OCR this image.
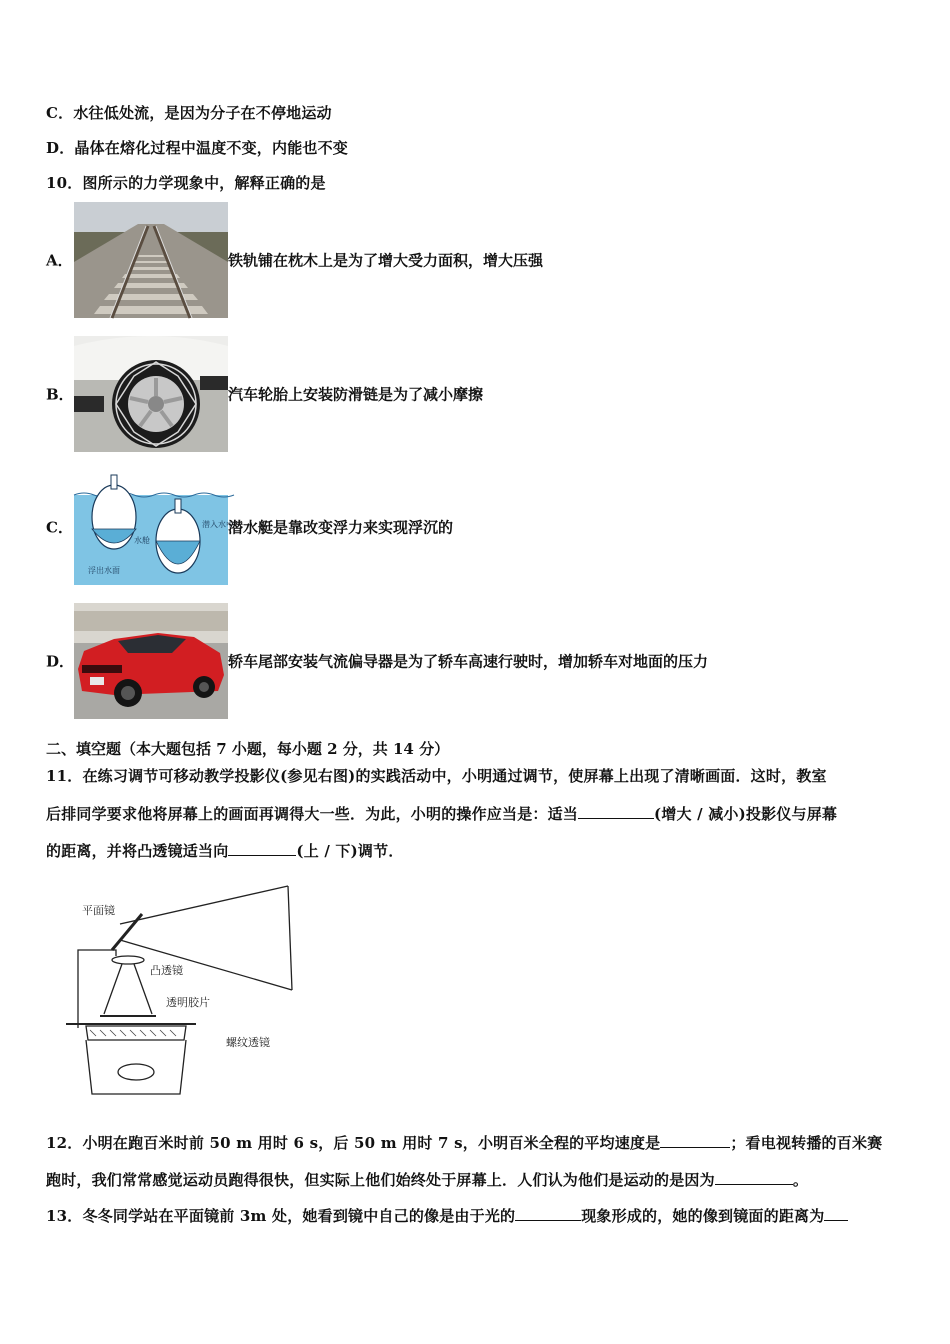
C．水往低处流，是因为分子在不停地运动
D．晶体在熔化过程中温度不变，内能也不变
10．图所示的力学现象中，解释正确的是
A．	铁轨铺在枕木上是为了增大受力面积，增大压强
B．	汽车轮胎上安装防滑链是为了减小摩擦
C．	潜入水中
水舱
浮出水面
潜水艇是靠改变浮力来实现浮沉的
D．	轿车尾部安装气流偏导器是为了轿车高速行驶时，增加轿车对地面的压力
二、填空题（本大题包括 7 小题，每小题 2 分，共 14 分）
11．在练习调节可移动教学投影仪(参见右图)的实践活动中，小明通过调节，使屏幕上出现了清晰画面．这时，教室
后排同学要求他将屏幕上的画面再调得大一些．为此，小明的操作应当是：适当	(增大 / 减小)投影仪与屏幕
的距离，并将凸透镜适当向	(上 / 下)调节．
平面镜
凸透镜
透明胶片
螺纹透镜
12．小明在跑百米时前 50 m 用时 6 s，后 50 m 用时 7 s，小明百米全程的平均速度是	；看电视转播的百米赛
跑时，我们常常感觉运动员跑得很快，但实际上他们始终处于屏幕上．人们认为他们是运动的是因为	。
13．冬冬同学站在平面镜前 3m 处，她看到镜中自己的像是由于光的	现象形成的，她的像到镜面的距离为
